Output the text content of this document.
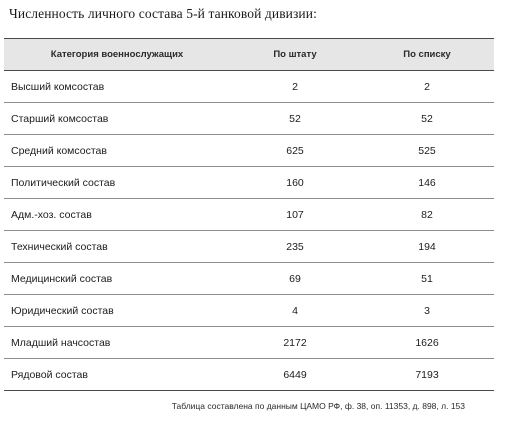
Численность личного состава 5-й танковой дивизии:
Категория военнослужащих	По штату	По списку
Высший комсостав	2	2
Старший комсостав	52	52
Средний комсостав	625	525
Политический состав	160	146
Адм.-хоз. состав	107	82
Технический состав	235	194
Медицинский состав	69	51
Юридический состав	4	3
Младший начсостав	2172	1626
Рядовой состав	6449	7193
Таблица составлена по данным ЦАМО РФ, ф. 38, оп. 11353, д. 898, л. 153
